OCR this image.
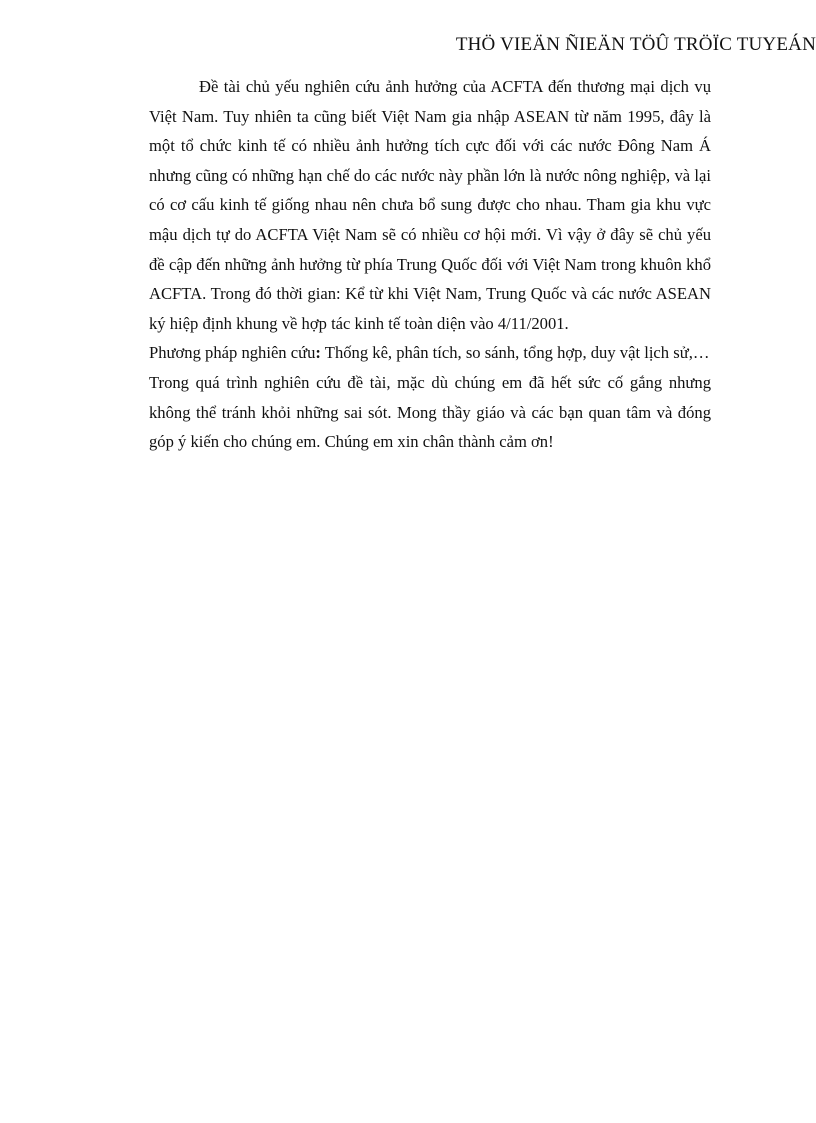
THÖ VIEÄN ÑIEÄN TÖÛ TRÖÏC TUYEÁN

Đề tài chủ yếu nghiên cứu ảnh hưởng của ACFTA đến thương mại dịch vụ Việt Nam. Tuy nhiên ta cũng biết Việt Nam gia nhập ASEAN từ năm 1995, đây là một tổ chức kinh tế có nhiều ảnh hưởng tích cực đối với các nước Đông Nam Á nhưng cũng có những hạn chế do các nước này phần lớn là nước nông nghiệp, và lại có cơ cấu kinh tế giống nhau nên chưa bổ sung được cho nhau. Tham gia khu vực mậu dịch tự do ACFTA Việt Nam sẽ có nhiều cơ hội mới. Vì vậy ở đây sẽ chủ yếu đề cập đến những ảnh hưởng từ phía Trung Quốc đối với Việt Nam trong khuôn khổ ACFTA. Trong đó thời gian: Kể từ khi Việt Nam, Trung Quốc và các nước ASEAN ký hiệp định khung về hợp tác kinh tế toàn diện vào 4/11/2001.

Phương pháp nghiên cứu: Thống kê, phân tích, so sánh, tổng hợp, duy vật lịch sử,…

Trong quá trình nghiên cứu đề tài, mặc dù chúng em đã hết sức cố gắng nhưng không thể tránh khỏi những sai sót. Mong thầy giáo và các bạn quan tâm và đóng góp ý kiến cho chúng em. Chúng em xin chân thành cảm ơn!
